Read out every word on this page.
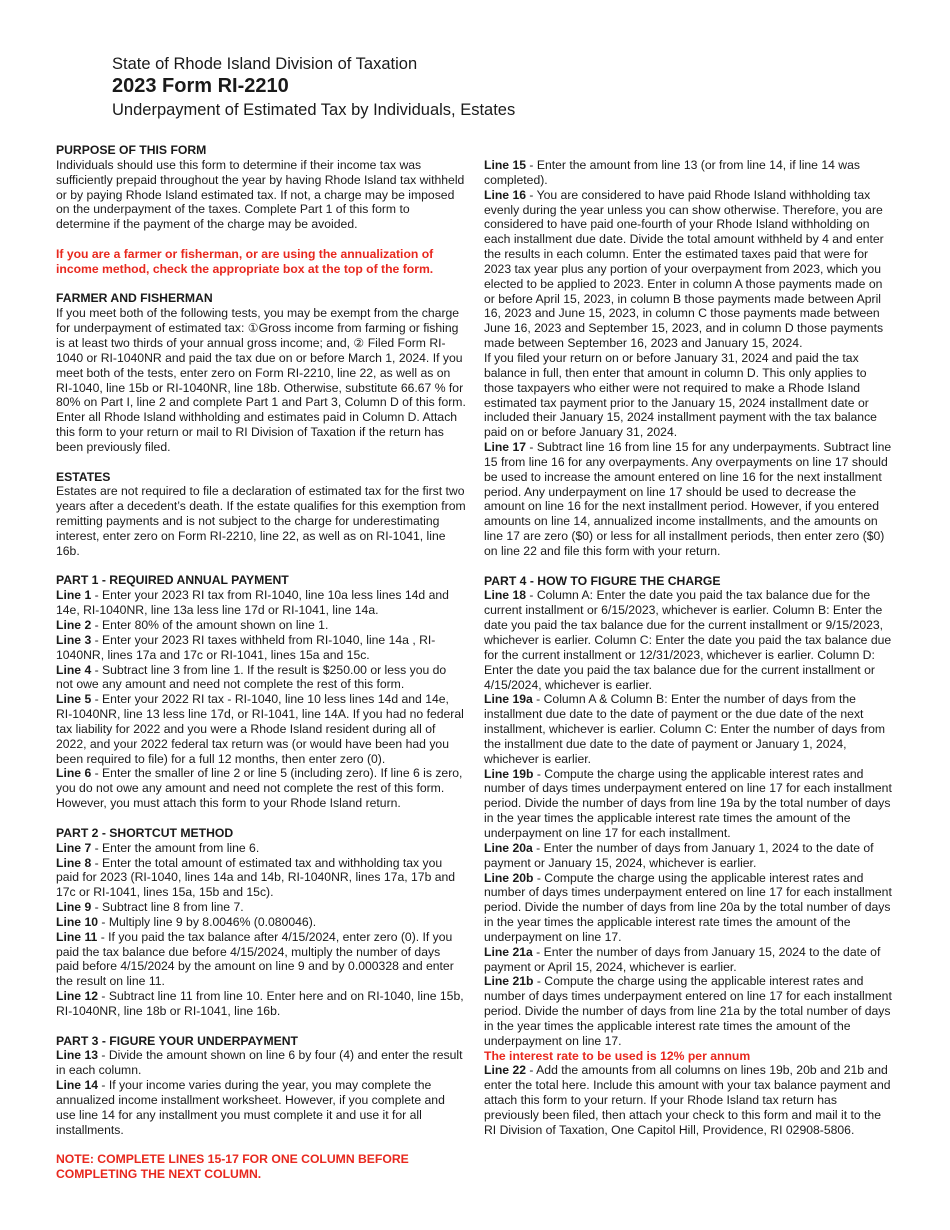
State of Rhode Island Division of Taxation
2023 Form RI-2210
Underpayment of Estimated Tax by Individuals, Estates

PURPOSE OF THIS FORM

Individuals should use this form to determine if their income tax was sufficiently prepaid throughout the year by having Rhode Island tax withheld or by paying Rhode Island estimated tax. If not, a charge may be imposed on the underpayment of the taxes. Complete Part 1 of this form to determine if the payment of the charge may be avoided.

If you are a farmer or fisherman, or are using the annualization of income method, check the appropriate box at the top of the form.

FARMER AND FISHERMAN

If you meet both of the following tests, you may be exempt from the charge for underpayment of estimated tax: ①Gross income from farming or fishing is at least two thirds of your annual gross income; and, ② Filed Form RI-1040 or RI-1040NR and paid the tax due on or before March 1, 2024. If you meet both of the tests, enter zero on Form RI-2210, line 22, as well as on RI-1040, line 15b or RI-1040NR, line 18b. Otherwise, substitute 66.67 % for 80% on Part I, line 2 and complete Part 1 and Part 3, Column D of this form. Enter all Rhode Island withholding and estimates paid in Column D. Attach this form to your return or mail to RI Division of Taxation if the return has been previously filed.

ESTATES

Estates are not required to file a declaration of estimated tax for the first two years after a decedent’s death. If the estate qualifies for this exemption from remitting payments and is not subject to the charge for underestimating interest, enter zero on Form RI-2210, line 22, as well as on RI-1041, line 16b.

PART 1 - REQUIRED ANNUAL PAYMENT

Line 1 - Enter your 2023 RI tax from RI-1040, line 10a less lines 14d and 14e, RI-1040NR, line 13a less line 17d or RI-1041, line 14a.

Line 2 - Enter 80% of the amount shown on line 1.

Line 3 - Enter your 2023 RI taxes withheld from RI-1040, line 14a , RI-1040NR, lines 17a and 17c or RI-1041, lines 15a and 15c.

Line 4 - Subtract line 3 from line 1. If the result is $250.00 or less you do not owe any amount and need not complete the rest of this form.

Line 5 - Enter your 2022 RI tax - RI-1040, line 10 less lines 14d and 14e, RI-1040NR, line 13 less line 17d, or RI-1041, line 14A. If you had no federal tax liability for 2022 and you were a Rhode Island resident during all of 2022, and your 2022 federal tax return was (or would have been had you been required to file) for a full 12 months, then enter zero (0).

Line 6 - Enter the smaller of line 2 or line 5 (including zero). If line 6 is zero, you do not owe any amount and need not complete the rest of this form. However, you must attach this form to your Rhode Island return.

PART 2 - SHORTCUT METHOD

Line 7 - Enter the amount from line 6.

Line 8 - Enter the total amount of estimated tax and withholding tax you paid for 2023 (RI-1040, lines 14a and 14b, RI-1040NR, lines 17a, 17b and 17c or RI-1041, lines 15a, 15b and 15c).

Line 9 - Subtract line 8 from line 7.

Line 10 - Multiply line 9 by 8.0046% (0.080046).

Line 11 - If you paid the tax balance after 4/15/2024, enter zero (0). If you paid the tax balance due before 4/15/2024, multiply the number of days paid before 4/15/2024 by the amount on line 9 and by 0.000328 and enter the result on line 11.

Line 12 - Subtract line 11 from line 10. Enter here and on RI-1040, line 15b, RI-1040NR, line 18b or RI-1041, line 16b.

PART 3 - FIGURE YOUR UNDERPAYMENT

Line 13 - Divide the amount shown on line 6 by four (4) and enter the result in each column.

Line 14 - If your income varies during the year, you may complete the annualized income installment worksheet. However, if you complete and use line 14 for any installment you must complete it and use it for all installments.

NOTE: COMPLETE LINES 15-17 FOR ONE COLUMN BEFORE COMPLETING THE NEXT COLUMN.

Line 15 - Enter the amount from line 13 (or from line 14, if line 14 was completed).

Line 16 - You are considered to have paid Rhode Island withholding tax evenly during the year unless you can show otherwise. Therefore, you are considered to have paid one-fourth of your Rhode Island withholding on each installment due date. Divide the total amount withheld by 4 and enter the results in each column. Enter the estimated taxes paid that were for 2023 tax year plus any portion of your overpayment from 2023, which you elected to be applied to 2023. Enter in column A those payments made on or before April 15, 2023, in column B those payments made between April 16, 2023 and June 15, 2023, in column C those payments made between June 16, 2023 and September 15, 2023, and in column D those payments made between September 16, 2023 and January 15, 2024.

If you filed your return on or before January 31, 2024 and paid the tax balance in full, then enter that amount in column D. This only applies to those taxpayers who either were not required to make a Rhode Island estimated tax payment prior to the January 15, 2024 installment date or included their January 15, 2024 installment payment with the tax balance paid on or before January 31, 2024.

Line 17 - Subtract line 16 from line 15 for any underpayments. Subtract line 15 from line 16 for any overpayments. Any overpayments on line 17 should be used to increase the amount entered on line 16 for the next installment period. Any underpayment on line 17 should be used to decrease the amount on line 16 for the next installment period. However, if you entered amounts on line 14, annualized income installments, and the amounts on line 17 are zero ($0) or less for all installment periods, then enter zero ($0) on line 22 and file this form with your return.

PART 4 - HOW TO FIGURE THE CHARGE

Line 18 - Column A: Enter the date you paid the tax balance due for the current installment or 6/15/2023, whichever is earlier. Column B: Enter the date you paid the tax balance due for the current installment or 9/15/2023, whichever is earlier. Column C: Enter the date you paid the tax balance due for the current installment or 12/31/2023, whichever is earlier. Column D: Enter the date you paid the tax balance due for the current installment or 4/15/2024, whichever is earlier.

Line 19a - Column A & Column B: Enter the number of days from the installment due date to the date of payment or the due date of the next installment, whichever is earlier. Column C: Enter the number of days from the installment due date to the date of payment or January 1, 2024, whichever is earlier.

Line 19b - Compute the charge using the applicable interest rates and number of days times underpayment entered on line 17 for each installment period. Divide the number of days from line 19a by the total number of days in the year times the applicable interest rate times the amount of the underpayment on line 17 for each installment.

Line 20a - Enter the number of days from January 1, 2024 to the date of payment or January 15, 2024, whichever is earlier.

Line 20b - Compute the charge using the applicable interest rates and number of days times underpayment entered on line 17 for each installment period. Divide the number of days from line 20a by the total number of days in the year times the applicable interest rate times the amount of the underpayment on line 17.

Line 21a - Enter the number of days from January 15, 2024 to the date of payment or April 15, 2024, whichever is earlier.

Line 21b - Compute the charge using the applicable interest rates and number of days times underpayment entered on line 17 for each installment period. Divide the number of days from line 21a by the total number of days in the year times the applicable interest rate times the amount of the underpayment on line 17.

The interest rate to be used is 12% per annum

Line 22 - Add the amounts from all columns on lines 19b, 20b and 21b and enter the total here. Include this amount with your tax balance payment and attach this form to your return. If your Rhode Island tax return has previously been filed, then attach your check to this form and mail it to the RI Division of Taxation, One Capitol Hill, Providence, RI 02908-5806.
